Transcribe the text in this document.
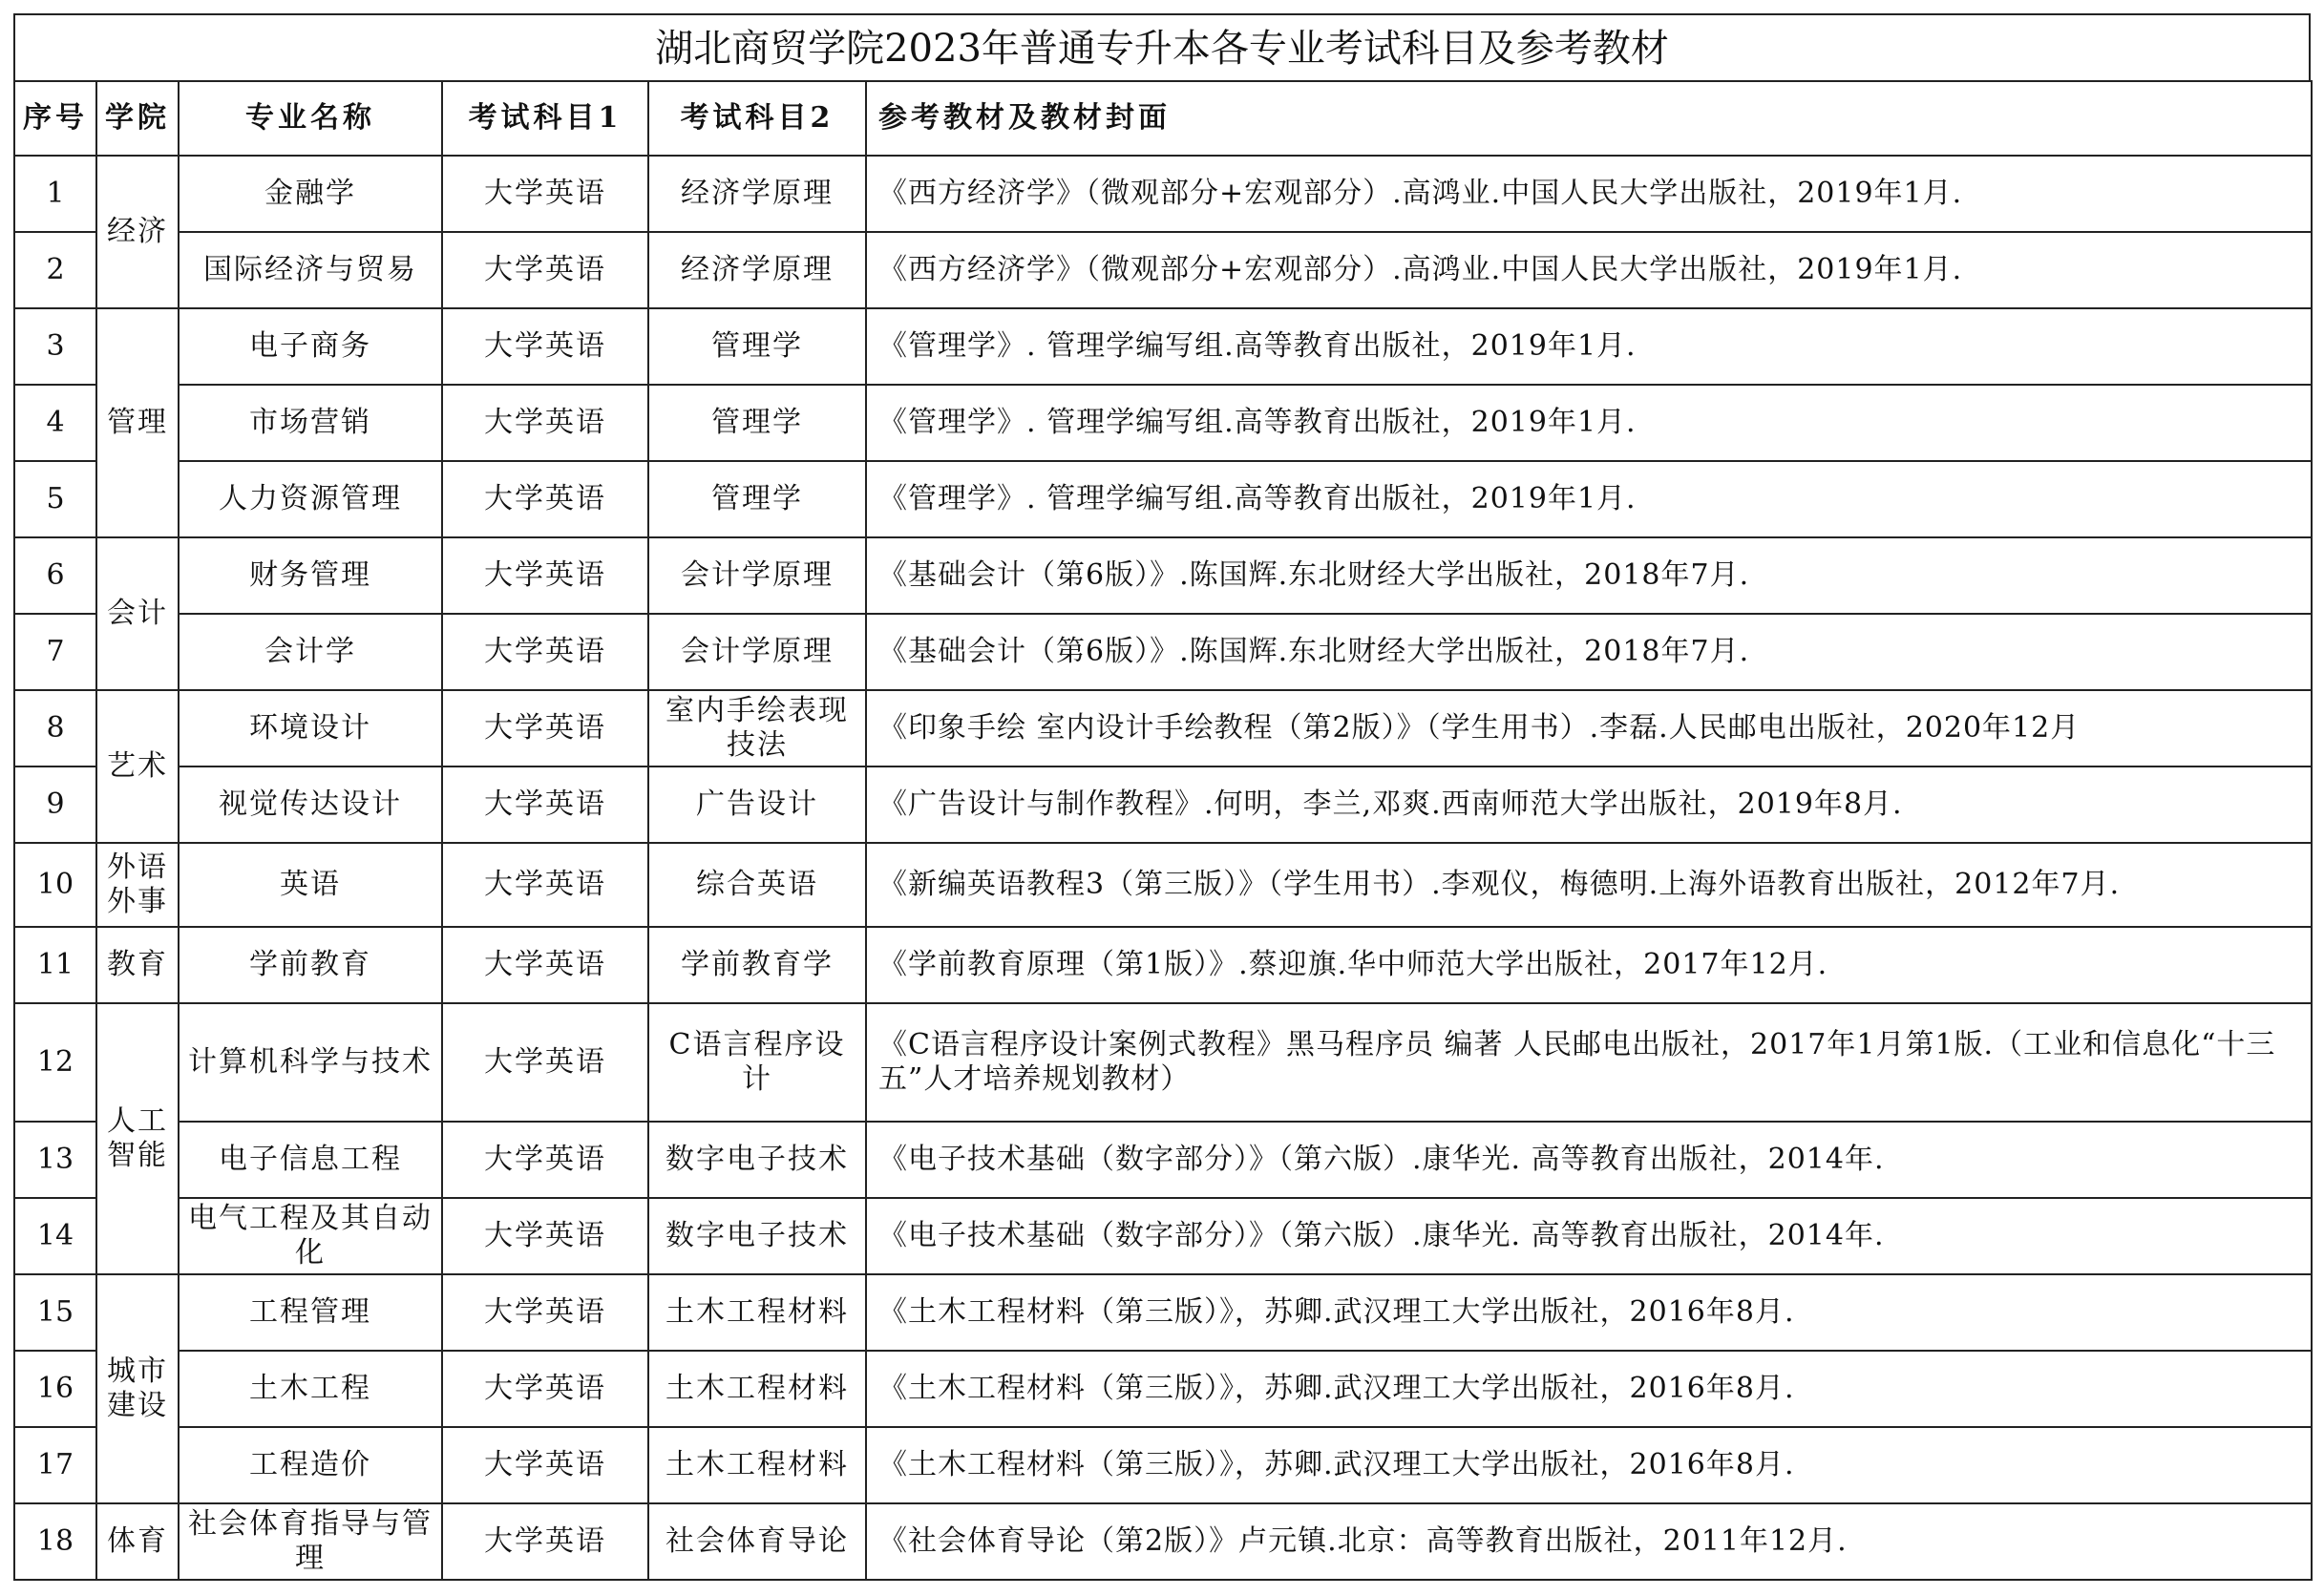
湖北商贸学院2023年普通专升本各专业考试科目及参考教材
序号	学院	专业名称	考试科目1	考试科目2	参考教材及教材封面
1	经济	金融学	大学英语	经济学原理	《西方经济学》（微观部分+宏观部分）.高鸿业.中国人民大学出版社，2019年1月.
2		国际经济与贸易	大学英语	经济学原理	《西方经济学》（微观部分+宏观部分）.高鸿业.中国人民大学出版社，2019年1月.
3	管理	电子商务	大学英语	管理学	《管理学》. 管理学编写组.高等教育出版社，2019年1月.
4		市场营销	大学英语	管理学	《管理学》. 管理学编写组.高等教育出版社，2019年1月.
5		人力资源管理	大学英语	管理学	《管理学》. 管理学编写组.高等教育出版社，2019年1月.
6	会计	财务管理	大学英语	会计学原理	《基础会计（第6版）》.陈国辉.东北财经大学出版社，2018年7月.
7		会计学	大学英语	会计学原理	《基础会计（第6版）》.陈国辉.东北财经大学出版社，2018年7月.
8	艺术	环境设计	大学英语	室内手绘表现技法	《印象手绘 室内设计手绘教程（第2版）》（学生用书）.李磊.人民邮电出版社，2020年12月
9		视觉传达设计	大学英语	广告设计	《广告设计与制作教程》.何明，李兰,邓爽.西南师范大学出版社，2019年8月.
10	外语外事	英语	大学英语	综合英语	《新编英语教程3（第三版）》（学生用书）.李观仪，梅德明.上海外语教育出版社，2012年7月.
11	教育	学前教育	大学英语	学前教育学	《学前教育原理（第1版）》.蔡迎旗.华中师范大学出版社，2017年12月.
12	人工智能	计算机科学与技术	大学英语	C语言程序设计	《C语言程序设计案例式教程》黑马程序员 编著 人民邮电出版社，2017年1月第1版.（工业和信息化“十三五”人才培养规划教材）
13		电子信息工程	大学英语	数字电子技术	《电子技术基础（数字部分）》（第六版）.康华光. 高等教育出版社，2014年.
14		电气工程及其自动化	大学英语	数字电子技术	《电子技术基础（数字部分）》（第六版）.康华光. 高等教育出版社，2014年.
15	城市建设	工程管理	大学英语	土木工程材料	《土木工程材料（第三版）》，苏卿.武汉理工大学出版社，2016年8月.
16		土木工程	大学英语	土木工程材料	《土木工程材料（第三版）》，苏卿.武汉理工大学出版社，2016年8月.
17		工程造价	大学英语	土木工程材料	《土木工程材料（第三版）》，苏卿.武汉理工大学出版社，2016年8月.
18	体育	社会体育指导与管理	大学英语	社会体育导论	《社会体育导论（第2版）》卢元镇.北京：高等教育出版社，2011年12月.
